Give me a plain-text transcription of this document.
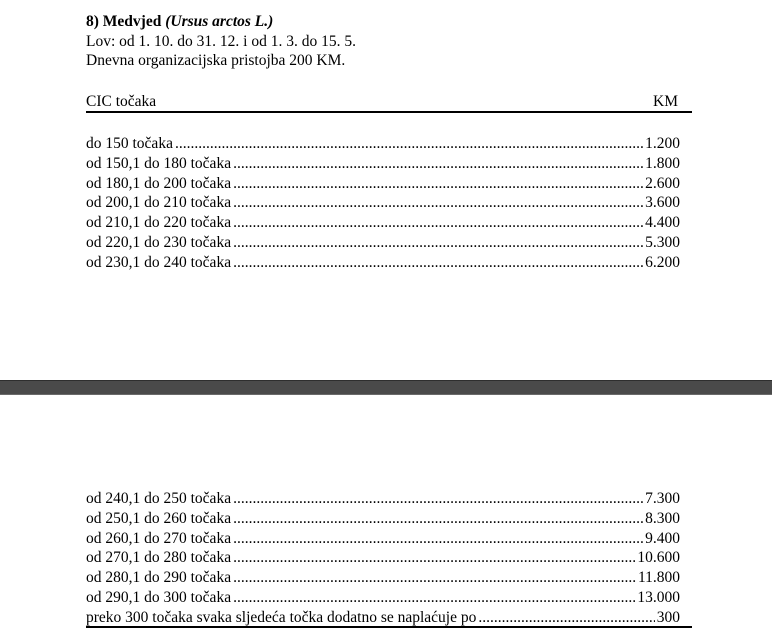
8) Medvjed (Ursus arctos L.)
Lov: od 1. 10. do 31. 12. i od 1. 3. do 15. 5.
Dnevna organizacijska pristojba 200 KM.
CIC točaka	KM
do 150 točaka .....	1.200
od 150,1 do 180 točaka .....	1.800
od 180,1 do 200 točaka .....	2.600
od 200,1 do 210 točaka .....	3.600
od 210,1 do 220 točaka .....	4.400
od 220,1 do 230 točaka .....	5.300
od 230,1 do 240 točaka .....	6.200
od 240,1 do 250 točaka .....	7.300
od 250,1 do 260 točaka .....	8.300
od 260,1 do 270 točaka .....	9.400
od 270,1 do 280 točaka .....	10.600
od 280,1 do 290 točaka .....	11.800
od 290,1 do 300 točaka .....	13.000
preko 300 točaka svaka sljedeća točka dodatno se naplaćuje po .....	300
